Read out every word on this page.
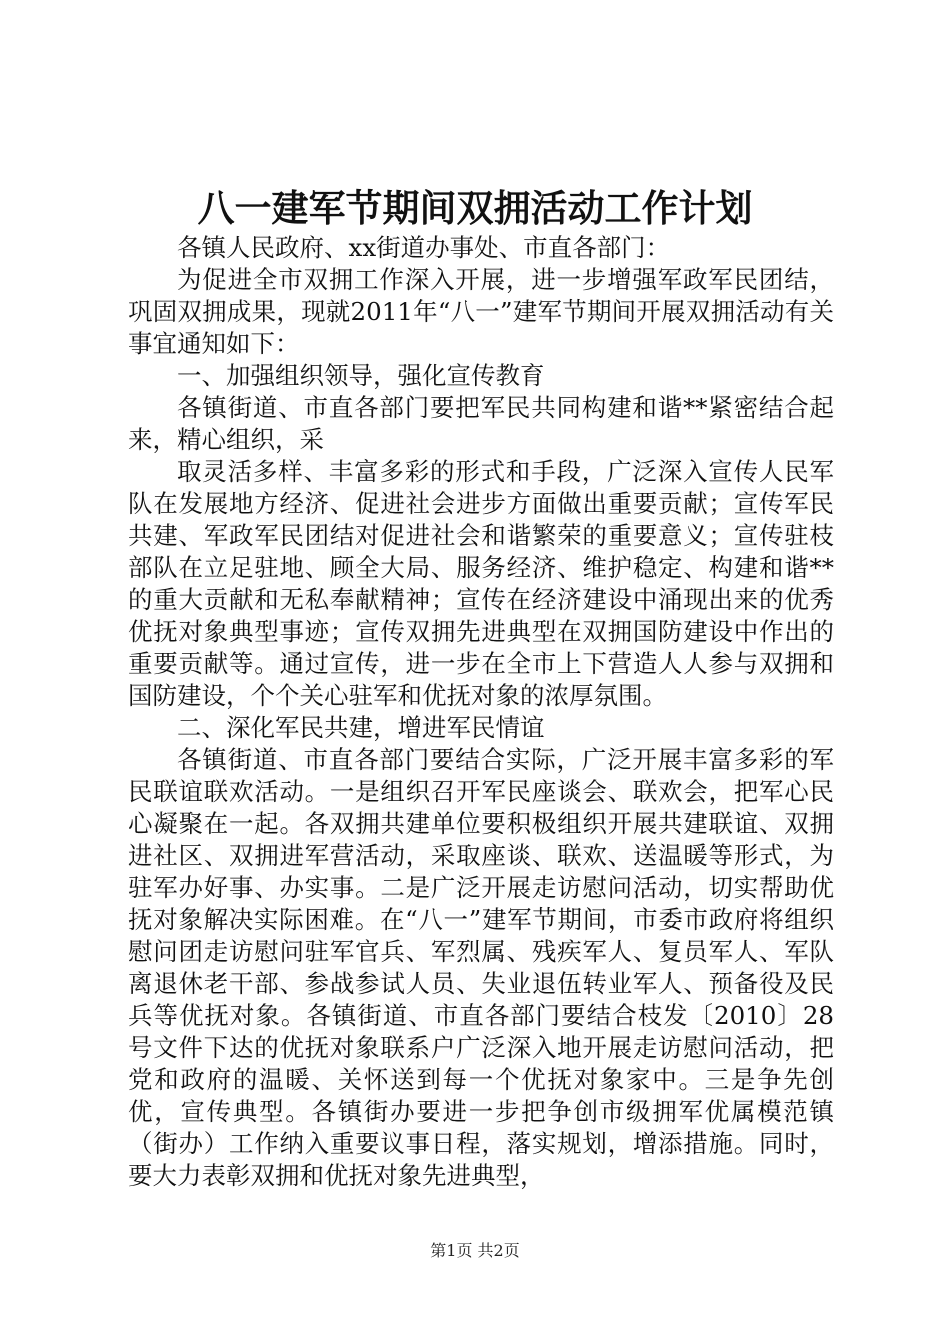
八一建军节期间双拥活动工作计划

各镇人民政府、xx街道办事处、市直各部门：

为促进全市双拥工作深入开展，进一步增强军政军民团结，巩固双拥成果，现就2011年“八一”建军节期间开展双拥活动有关事宜通知如下：

一、加强组织领导，强化宣传教育

各镇街道、市直各部门要把军民共同构建和谐**紧密结合起来，精心组织，采

取灵活多样、丰富多彩的形式和手段，广泛深入宣传人民军队在发展地方经济、促进社会进步方面做出重要贡献；宣传军民共建、军政军民团结对促进社会和谐繁荣的重要意义；宣传驻枝部队在立足驻地、顾全大局、服务经济、维护稳定、构建和谐**的重大贡献和无私奉献精神；宣传在经济建设中涌现出来的优秀优抚对象典型事迹；宣传双拥先进典型在双拥国防建设中作出的重要贡献等。通过宣传，进一步在全市上下营造人人参与双拥和国防建设，个个关心驻军和优抚对象的浓厚氛围。

二、深化军民共建，增进军民情谊

各镇街道、市直各部门要结合实际，广泛开展丰富多彩的军民联谊联欢活动。一是组织召开军民座谈会、联欢会，把军心民心凝聚在一起。各双拥共建单位要积极组织开展共建联谊、双拥进社区、双拥进军营活动，采取座谈、联欢、送温暖等形式，为驻军办好事、办实事。二是广泛开展走访慰问活动，切实帮助优抚对象解决实际困难。在“八一”建军节期间，市委市政府将组织慰问团走访慰问驻军官兵、军烈属、残疾军人、复员军人、军队离退休老干部、参战参试人员、失业退伍转业军人、预备役及民兵等优抚对象。各镇街道、市直各部门要结合枝发〔2010〕28号文件下达的优抚对象联系户广泛深入地开展走访慰问活动，把党和政府的温暖、关怀送到每一个优抚对象家中。三是争先创优，宣传典型。各镇街办要进一步把争创市级拥军优属模范镇（街办）工作纳入重要议事日程，落实规划，增添措施。同时，要大力表彰双拥和优抚对象先进典型，

第1页 共2页
